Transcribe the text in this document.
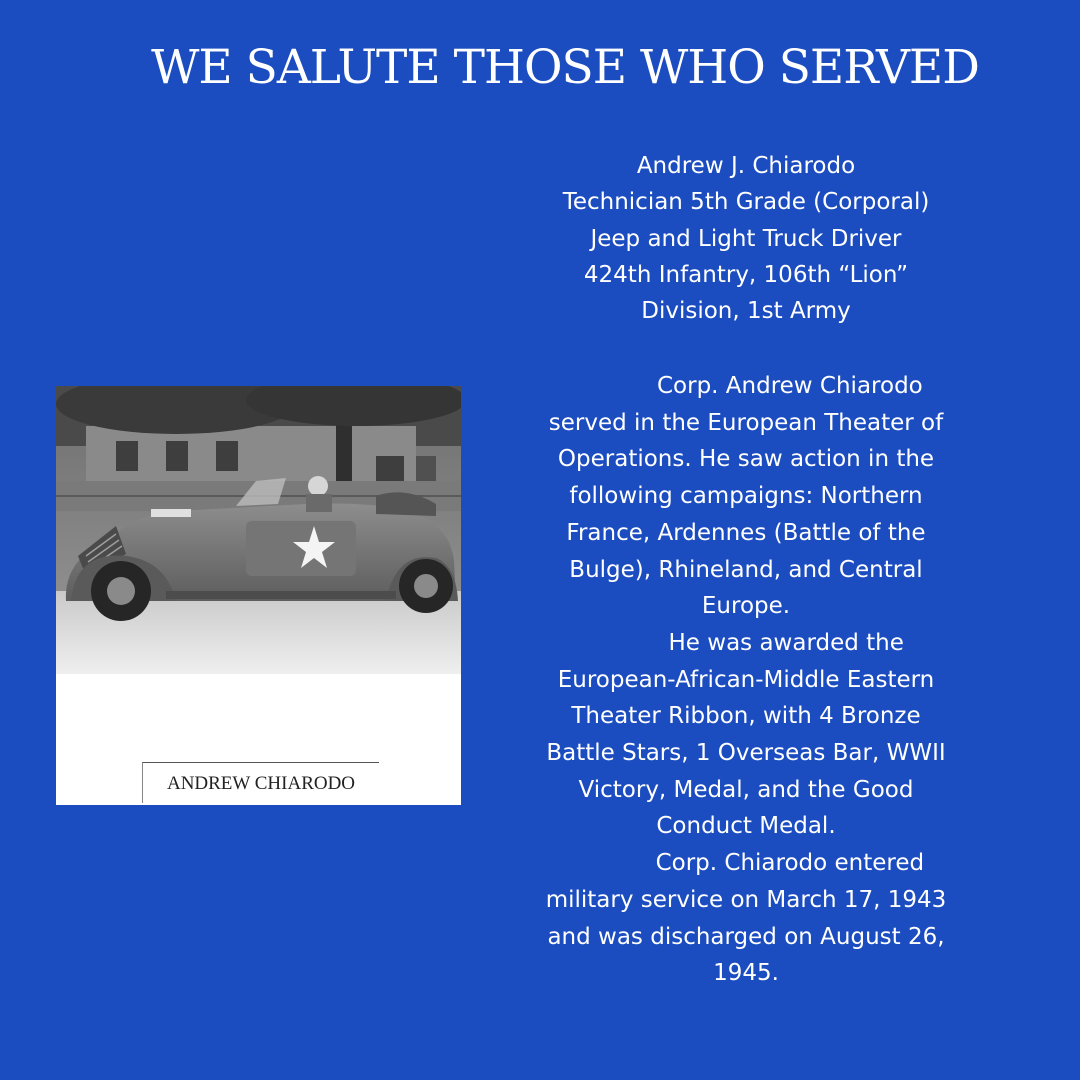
WE SALUTE THOSE WHO SERVED
Andrew J. Chiarodo
Technician 5th Grade (Corporal)
Jeep and Light Truck Driver
424th Infantry, 106th “Lion”
Division, 1st Army
Corp. Andrew Chiarodo
served in the European Theater of
Operations. He saw action in the
following campaigns: Northern
France, Ardennes (Battle of the
Bulge), Rhineland, and Central
Europe.
He was awarded the
European-African-Middle Eastern
Theater Ribbon, with 4 Bronze
Battle Stars, 1 Overseas Bar, WWII
Victory, Medal, and the Good
Conduct Medal.
Corp. Chiarodo entered
military service on March 17, 1943
and was discharged on August 26,
1945.
ANDREW CHIARODO
